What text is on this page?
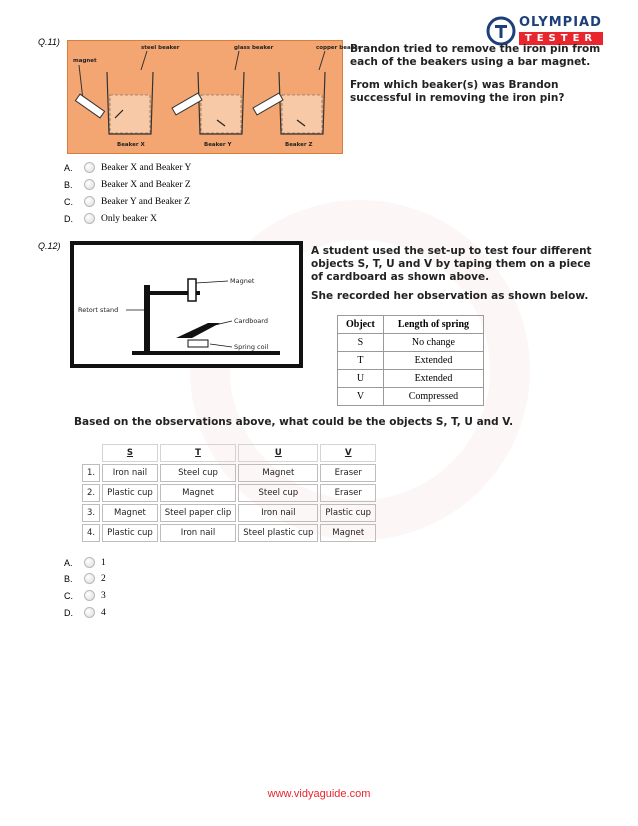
OLYMPIAD
TESTER
Q.11)
magnet
steel beaker	glass beaker	copper beaker
Beaker X	Beaker Y	Beaker Z
Brandon tried to remove the iron pin from each of the beakers using a bar magnet.
From which beaker(s) was Brandon successful in removing the iron pin?
A.	Beaker X and Beaker Y
B.	Beaker X and Beaker Z
C.	Beaker Y and Beaker Z
D.	Only beaker X
Q.12)
Magnet
Retort stand
Cardboard
Spring coil
A student used the set-up to test four different objects S, T, U and V by taping them on a piece of cardboard as shown above.
She recorded her observation as shown below.
Object	Length of spring
S	No change
T	Extended
U	Extended
V	Compressed
Based on the observations above, what could be the objects S, T, U and V.
	S	T	U	V
1.	Iron nail	Steel cup	Magnet	Eraser
2.	Plastic cup	Magnet	Steel cup	Eraser
3.	Magnet	Steel paper clip	Iron nail	Plastic cup
4.	Plastic cup	Iron nail	Steel plastic cup	Magnet
A.	1
B.	2
C.	3
D.	4
www.vidyaguide.com
